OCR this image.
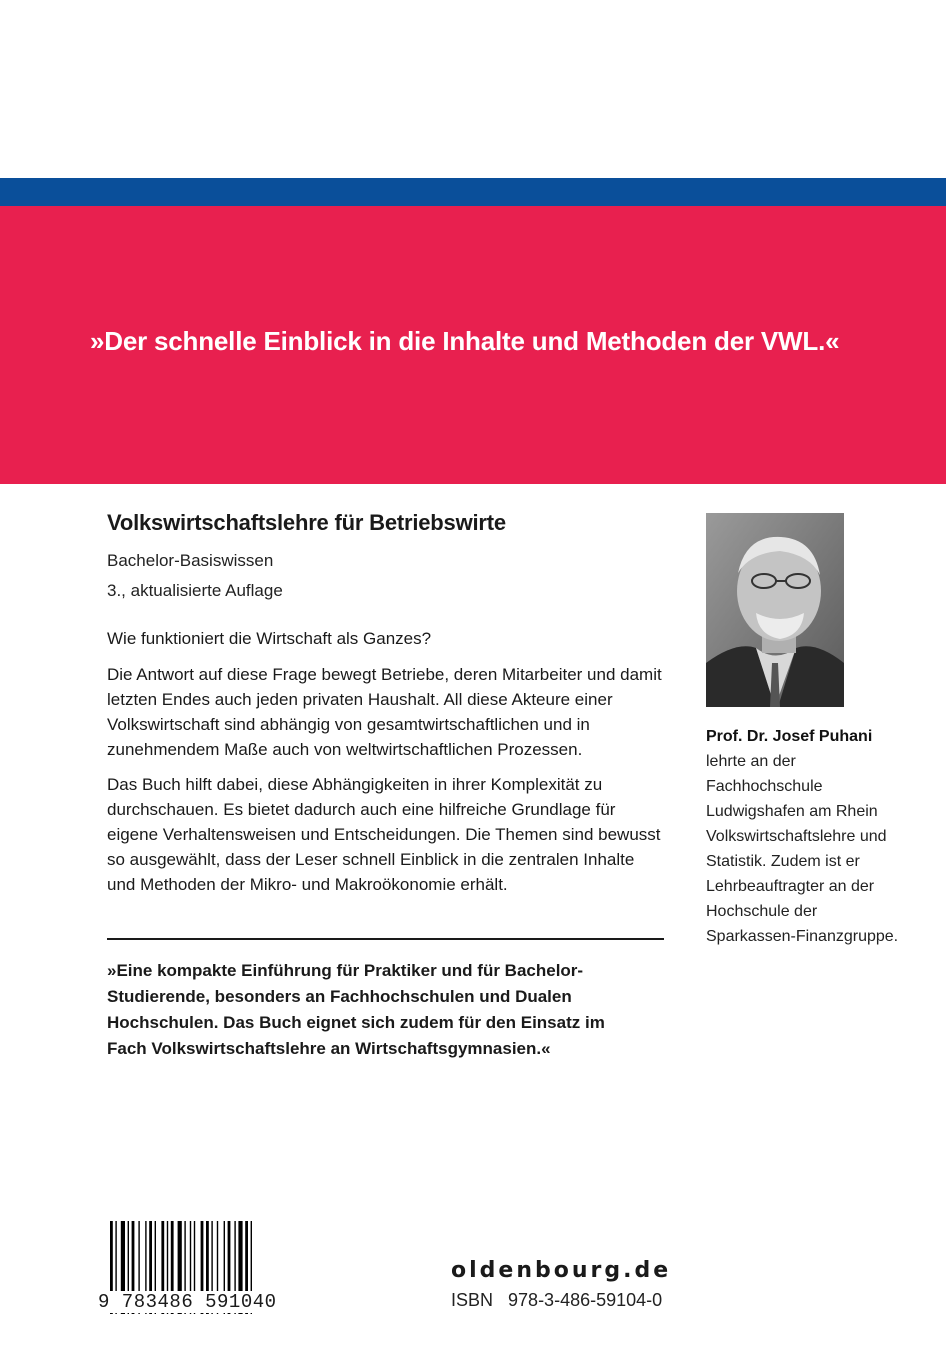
»Der schnelle Einblick in die Inhalte und Methoden der VWL.«
Volkswirtschaftslehre für Betriebswirte
Bachelor-Basiswissen
3., aktualisierte Auflage
Wie funktioniert die Wirtschaft als Ganzes?
Die Antwort auf diese Frage bewegt Betriebe, deren Mitarbeiter und damit letzten Endes auch jeden privaten Haushalt. All diese Akteure einer Volkswirtschaft sind abhängig von gesamtwirtschaftlichen und in zunehmendem Maße auch von weltwirtschaftlichen Prozessen.
Das Buch hilft dabei, diese Abhängigkeiten in ihrer Komplexität zu durchschauen. Es bietet dadurch auch eine hilfreiche Grundlage für eigene Verhaltensweisen und Entscheidungen. Die Themen sind bewusst so ausgewählt, dass der Leser schnell Einblick in die zentralen Inhalte und Methoden der Mikro- und Makroökonomie erhält.
»Eine kompakte Einführung für Praktiker und für Bachelor-Studierende, besonders an Fachhochschulen und Dualen Hochschulen. Das Buch eignet sich zudem für den Einsatz im Fach Volkswirtschaftslehre an Wirtschaftsgymnasien.«
Prof. Dr. Josef Puhani
lehrte an der Fachhochschule Ludwigshafen am Rhein Volkswirtschaftslehre und Statistik. Zudem ist er Lehrbeauftragter an der Hochschule der Sparkassen-Finanzgruppe.
9 783486 591040
oldenbourg.de
ISBN 978-3-486-59104-0
